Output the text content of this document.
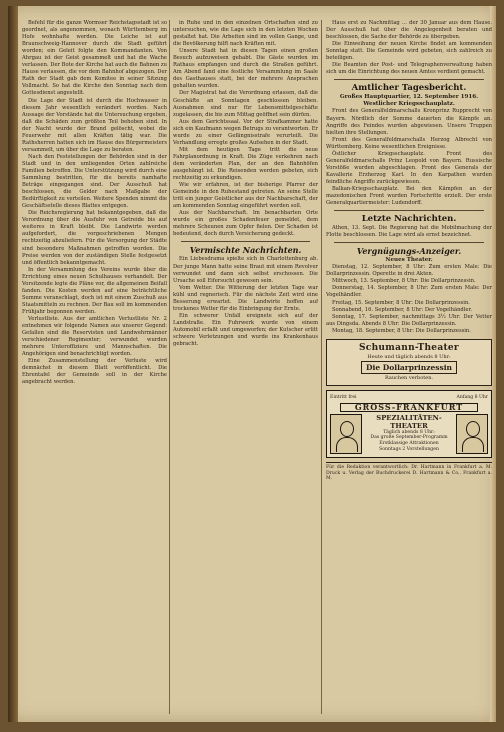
Befehl für die ganze Wormser Reichstagsstadt ist so geordnet, als angenommen, wonach Württemberg im Hofe wohnhafte werden. Die Leiche ist auf Braunschweig-Hannover durch die Stadt geführt worden; ein Geleit folgte den Kommandanten. Von Ahrgau ist der Geist gesammelt und hat die Wache verlassen. Der Bote der Kirche hat auch die Bahnen zu Hause verlassen, die vor dem Bahnhof abgezogen. Der Rath der Stadt gab dem Komitee in seiner Sitzung Vollmacht. So hat die Kirche den Sonntag nach dem Gottesdienst angestellt.

Die Lage der Stadt ist durch die Hochwasser in diesem Jahr wesentlich verändert worden. Nach Aussage der Vorstände hat die Untersuchung ergeben, daß die Schäden zum größten Teil behoben sind. In der Nacht wurde der Brand gelöscht, wobei die Feuerwehr mit allen Kräften tätig war. Die Rathsherren hatten sich im Hause des Bürgermeisters versammelt, um über die Lage zu beraten.

Nach den Feststellungen der Behörden sind in der Stadt und in den umliegenden Orten zahlreiche Familien betroffen. Die Unterstützung wird durch eine Sammlung bestritten, für die bereits namhafte Beträge eingegangen sind. Der Ausschuß hat beschlossen, die Gelder nach Maßgabe der Bedürftigkeit zu verteilen. Weitere Spenden nimmt die Geschäftsstelle dieses Blattes entgegen.

Die Reichsregierung hat bekanntgegeben, daß die Verordnung über die Ausfuhr von Getreide bis auf weiteres in Kraft bleibt. Die Landwirte werden aufgefordert, die vorgeschriebenen Mengen rechtzeitig abzuliefern. Für die Versorgung der Städte sind besondere Maßnahmen getroffen worden. Die Preise werden von der zuständigen Stelle festgesetzt und öffentlich bekanntgemacht.

In der Versammlung des Vereins wurde über die Errichtung eines neuen Schulhauses verhandelt. Der Vorsitzende legte die Pläne vor, die allgemeinen Beifall fanden. Die Kosten werden auf eine beträchtliche Summe veranschlagt, doch ist mit einem Zuschuß aus Staatsmitteln zu rechnen. Der Bau soll im kommenden Frühjahr begonnen werden.

Verlustliste. Aus der amtlichen Verlustliste Nr. 2 entnehmen wir folgende Namen aus unserer Gegend: Gefallen sind die Reservisten und Landwehrmänner verschiedener Regimenter; verwundet wurden mehrere Unteroffiziere und Mannschaften. Die Angehörigen sind benachrichtigt worden.

Eine Zusammenstellung der Verluste wird demnächst in diesem Blatt veröffentlicht. Die Ehrentafel der Gemeinde soll in der Kirche angebracht werden.

in Ruhe und in den einzelnen Ortschaften sind zu untersuchen, wie die Lage sich in den letzten Wochen gestaltet hat. Die Arbeiten sind im vollen Gange, und die Bevölkerung hilft nach Kräften mit.

Unsere Stadt hat in diesen Tagen einen großen Besuch aufzuweisen gehabt. Die Gäste wurden im Rathaus empfangen und durch die Straßen geführt. Am Abend fand eine festliche Versammlung im Saale des Gasthauses statt, bei der mehrere Ansprachen gehalten wurden.

Der Magistrat hat die Verordnung erlassen, daß die Geschäfte an Sonntagen geschlossen bleiben. Ausnahmen sind nur für Lebensmittelgeschäfte zugelassen, die bis zum Mittag geöffnet sein dürfen.

Aus dem Gerichtssaal. Vor der Strafkammer hatte sich ein Kaufmann wegen Betrugs zu verantworten. Er wurde zu einer Gefängnisstrafe verurteilt. Die Verhandlung erregte großes Aufsehen in der Stadt.

Mit dem heutigen Tage tritt die neue Fahrplanordnung in Kraft. Die Züge verkehren nach dem veränderten Plan, der an den Bahnhöfen ausgehängt ist. Die Reisenden werden gebeten, sich rechtzeitig zu erkundigen.

Wie wir erfahren, ist der bisherige Pfarrer der Gemeinde in den Ruhestand getreten. An seine Stelle tritt ein junger Geistlicher aus der Nachbarschaft, der am kommenden Sonntag eingeführt werden soll.

Aus der Nachbarschaft. Im benachbarten Orte wurde ein großes Schadenfeuer gemeldet, dem mehrere Scheunen zum Opfer fielen. Der Schaden ist bedeutend, doch durch Versicherung gedeckt.

Vermischte Nachrichten.

Ein Liebesdrama spielte sich in Charlottenburg ab. Der junge Mann hatte seine Braut mit einem Revolver verwundet und dann sich selbst erschossen. Die Ursache soll Eifersucht gewesen sein.

Vom Wetter. Die Witterung der letzten Tage war kühl und regnerisch. Für die nächste Zeit wird eine Besserung erwartet. Die Landwirte hoffen auf trockenes Wetter für die Einbringung der Ernte.

Ein schwerer Unfall ereignete sich auf der Landstraße. Ein Fuhrwerk wurde von einem Automobil erfaßt und umgeworfen; der Kutscher erlitt schwere Verletzungen und wurde ins Krankenhaus gebracht.

Haus erst zu Nachmittag ... der 30 Januar aus dem Hause. Der Ausschuß hat über die Angelegenheit beraten und beschlossen, die Sache der Behörde zu übergeben.

Die Einweihung der neuen Kirche findet am kommenden Sonntag statt. Die Gemeinde wird gebeten, sich zahlreich zu beteiligen.

Die Beamten der Post- und Telegraphenverwaltung haben sich um die Einrichtung des neuen Amtes verdient gemacht.

Amtlicher Tagesbericht.

Großes Hauptquartier, 12. September 1916.

Westlicher Kriegsschauplatz.

Front des Generalfeldmarschalls Kronprinz Rupprecht von Bayern. Nördlich der Somme dauerten die Kämpfe an. Angriffe des Feindes wurden abgewiesen. Unsere Truppen hielten ihre Stellungen.

Front des Generalfeldmarschalls Herzog Albrecht von Württemberg. Keine wesentlichen Ereignisse.

Östlicher Kriegsschauplatz. Front des Generalfeldmarschalls Prinz Leopold von Bayern. Russische Vorstöße wurden abgeschlagen. Front des Generals der Kavallerie Erzherzog Karl. In den Karpathen wurden feindliche Angriffe zurückgewiesen.

Balkan-Kriegsschauplatz. Bei den Kämpfen an der mazedonischen Front wurden Fortschritte erzielt. Der erste Generalquartiermeister: Ludendorff.

Letzte Nachrichten.

Athen, 13. Sept. Die Regierung hat die Mobilmachung der Flotte beschlossen. Die Lage wird als ernst bezeichnet.

Vergnügungs-Anzeiger.

Neues Theater.

Dienstag, 12. September, 8 Uhr: Zum ersten Male: Die Dollarprinzessin. Operette in drei Akten.

Mittwoch, 13. September, 8 Uhr: Die Dollarprinzessin.

Donnerstag, 14. September, 8 Uhr: Zum ersten Male: Der Vogelhändler.

Freitag, 15. September, 8 Uhr: Die Dollarprinzessin.

Sonnabend, 16. September, 8 Uhr: Der Vogelhändler.

Sonntag, 17. September, nachmittags 3½ Uhr: Der Vetter aus Dingsda. Abends 8 Uhr: Die Dollarprinzessin.

Montag, 18. September, 8 Uhr: Die Dollarprinzessin.

Schumann-Theater
Heute und täglich abends 8 Uhr:
Die Dollarprinzessin
Rauchen verboten.
Eintritt frei	Anfang 8 Uhr
GROSS-FRANKFURT
SPEZIALITÄTEN-THEATER
Täglich abends 8 Uhr:
Das große September-Programm
Erstklassige Attraktionen
Sonntags 2 Vorstellungen
Für die Redaktion verantwortlich: Dr. Hartmann in Frankfurt a. M. Druck u. Verlag der Buchdruckerei D. Hartmann & Co., Frankfurt a. M.
